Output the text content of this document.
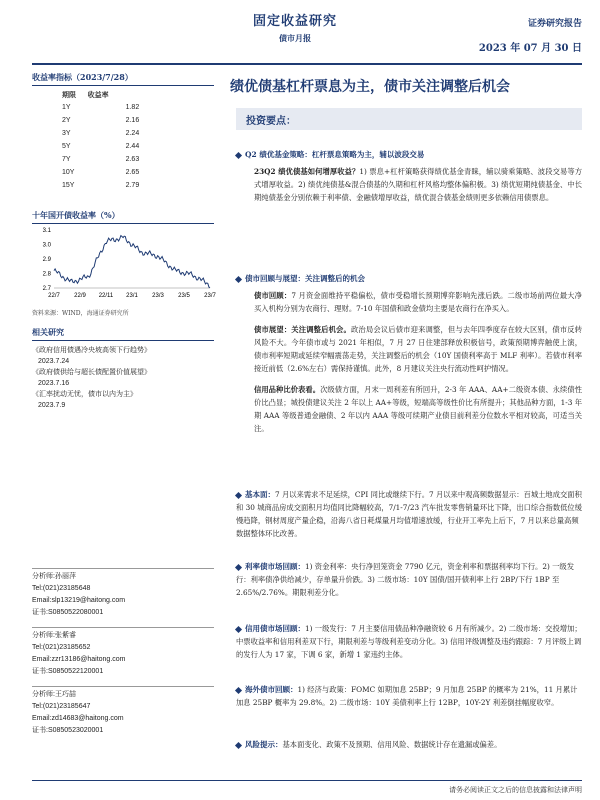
固定收益研究
债市月报
证券研究报告
2023 年 07 月 30 日
收益率指标（2023/7/28）
期限	收益率
1Y	1.82
2Y	2.16
3Y	2.24
5Y	2.44
7Y	2.63
10Y	2.65
15Y	2.79
十年国开债收益率（%）
3.1
3.0
2.9
2.8
2.7
22/7 22/9 22/11 23/1 23/3 23/5 23/7
资料来源：WIND，海通证券研究所
相关研究
《政府信用债遇冷央坡高领下行趋势》
2023.7.24
《政府债供给与超长债配置价值展望》
2023.7.16
《汇率扰动无忧，债市以内为主》
2023.7.9
分析师:孙丽萍
Tel:(021)23185648
Email:slp13219@haitong.com
证书:S0850522080001
分析师:张紫睿
Tel:(021)23185652
Email:zzr13186@haitong.com
证书:S0850522120001
分析师:王巧喆
Tel:(021)23185647
Email:zd14683@haitong.com
证书:S0850523020001
绩优债基杠杆票息为主，债市关注调整后机会
投资要点：
Q2 绩优基金策略：杠杆票息策略为主，辅以波段交易
23Q2 绩优债基如何增厚收益？1) 票息+杠杆策略获得绩优基金青睐，辅以骑乘策略、波段交易等方式增厚收益。2) 绩优纯债基&混合债基的久期和杠杆风格均整体偏积极。3) 绩优短期纯债基金、中长期纯债基金分别依赖于利率债、金融债增厚收益，绩优混合债基金绩则更多依赖信用债票息。
债市回顾与展望：关注调整后的机会
债市回顾：7 月资金面维持平稳偏松，债市受稳增长预期博弈影响先涨后跌。二级市场前两位最大净买入机构分别为农商行、理财。7-10 年国债和政金债均主要是农商行在净买入。
债市展望：关注调整后机会。政治局会议后债市迎来调整，但与去年四季度存在较大区别，债市反转风险不大。今年债市或与 2021 年相似，7 月 27 日住建部释放积极信号，政策预期博弈触使上演，债市利率短期或延续窄幅震荡走势，关注调整后的机会（10Y 国债利率高于 MLF 利率）。若债市利率接近前低（2.6%左右）需保持谨慎。此外，8 月建议关注央行流动性呵护情况。
信用品种比价表看。次级债方面，月末一周利差有所回升，2-3 年 AAA、AA+二级资本债、永续债性价比凸显；城投债建议关注 2 年以上 AA+等级，短端高等级性价比有所提升；其他品种方面，1-3 年期 AAA 等级普通金融债、2 年以内 AAA 等级可续期产业债目前利差分位数水平相对较高，可适当关注。
基本面：7 月以来需求不足延续，CPI 同比或继续下行。7 月以来中观高频数据显示：百城土地成交面积和 30 城商品房成交面积月均值同比降幅较高，7/1-7/23 汽车批发零售销量环比下降，出口综合指数低位缓慢趋降，钢材周度产量企稳，沿海八省日耗煤量月均值增速放缓，行业开工率先上后下，7 月以来总量高频数据整体环比改善。
利率债市场回顾：1) 资金利率：央行净回笼资金 7790 亿元，资金利率和票据利率均下行。2) 一级发行：利率债净供给减少，存单量升价跌。3) 二级市场：10Y 国债/国开债利率上行 2BP/下行 1BP 至 2.65%/2.76%。期限利差分化。
信用债市场回顾：1) 一级发行：7 月主要信用债品种净融资较 6 月有所减少。2) 二级市场：交投增加；中票收益率和信用利差双下行，期限利差与等级利差变动分化。3) 信用评级调整及违约跟踪：7 月评级上调的发行人为 17 家，下调 6 家，新增 1 家违约主体。
海外债市回顾：1) 经济与政策：FOMC 如期加息 25BP；9 月加息 25BP 的概率为 21%，11 月累计加息 25BP 概率为 29.8%。2) 二级市场：10Y 美债利率上行 12BP，10Y-2Y 利差倒挂幅度收窄。
风险提示：基本面变化、政策不及预期、信用风险、数据统计存在遗漏或偏差。
请务必阅读正文之后的信息披露和法律声明
